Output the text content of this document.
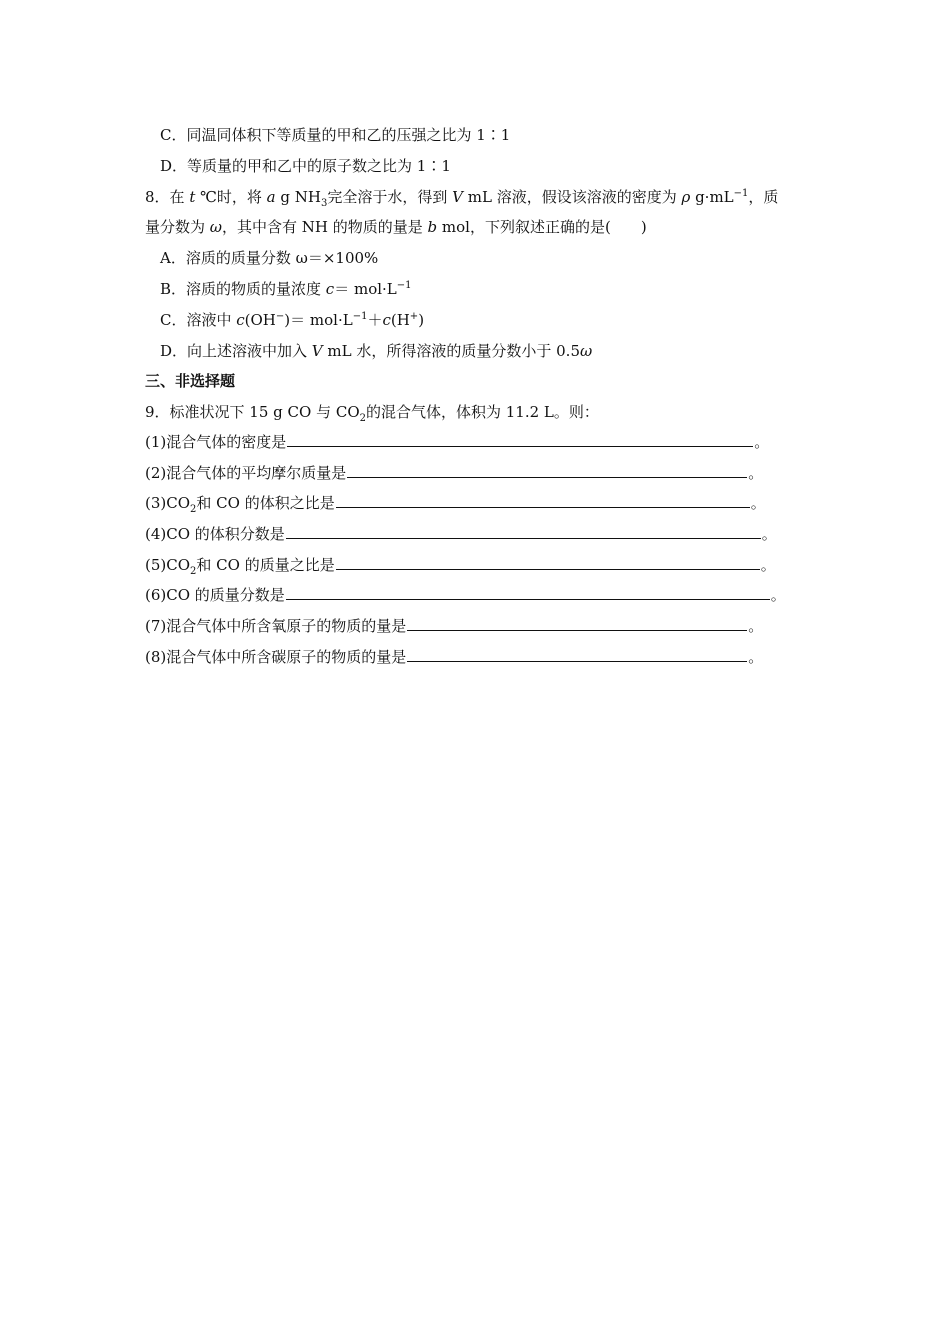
C．同温同体积下等质量的甲和乙的压强之比为 1∶1
D．等质量的甲和乙中的原子数之比为 1∶1
8．在 t ℃时，将 a g $NH_3$完全溶于水，得到 V mL 溶液，假设该溶液的密度为 ρ $g\cdot mL^{-1}$，质
量分数为 ω，其中含有 NH 的物质的量是 b mol，下列叙述正确的是(　　)
A．溶质的质量分数 ω＝×100%
B．溶质的物质的量浓度 $c= mol\cdot L^{-1}$
C．溶液中 $c(OH^-)= mol\cdot L^{-1}+c(H^+)$
D．向上述溶液中加入 V mL 水，所得溶液的质量分数小于 0.5ω
三、非选择题
9．标准状况下 15 g CO 与 $CO_2$的混合气体，体积为 11.2 L。则：
(1)混合气体的密度是	。
(2)混合气体的平均摩尔质量是	。
$(3)CO_2$和 CO 的体积之比是	。
(4)CO 的体积分数是	。
$(5)CO_2$和 CO 的质量之比是	。
(6)CO 的质量分数是	。
(7)混合气体中所含氧原子的物质的量是	。
(8)混合气体中所含碳原子的物质的量是	。
